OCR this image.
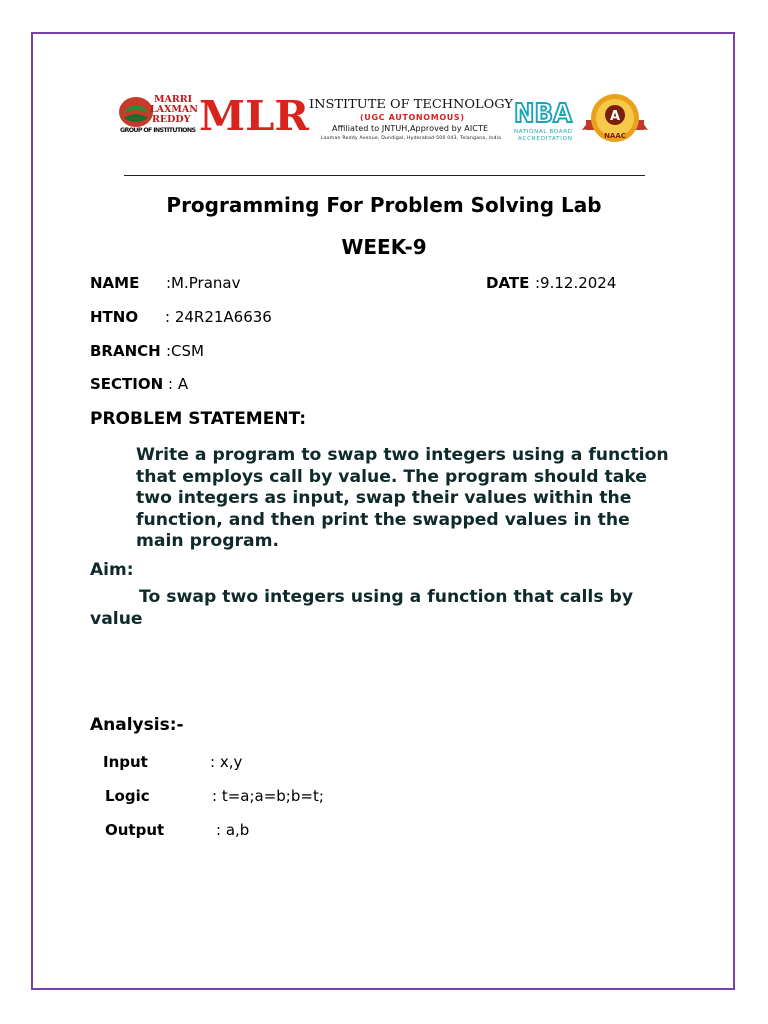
MARRI
LAXMAN
REDDY
GROUP OF INSTITUTIONS MLR INSTITUTE OF TECHNOLOGY
(UGC AUTONOMOUS)
Affiliated to JNTUH,Approved by AICTE
Laxman Reddy Avenue, Dundigal, Hyderabad-500 043, Telangana, India
NBA
NATIONAL BOARD
ACCREDITATION
A
NAAC
Programming For Problem Solving Lab
WEEK-9
NAME :M.Pranav	DATE :9.12.2024
HTNO : 24R21A6636
BRANCH :CSM
SECTION : A
PROBLEM STATEMENT:
Write a program to swap two integers using a function that employs call by value. The program should take two integers as input, swap their values within the function, and then print the swapped values in the main program.
Aim:
To swap two integers using a function that calls by value
Analysis:-
Input	: x,y
Logic	: t=a;a=b;b=t;
Output	: a,b
